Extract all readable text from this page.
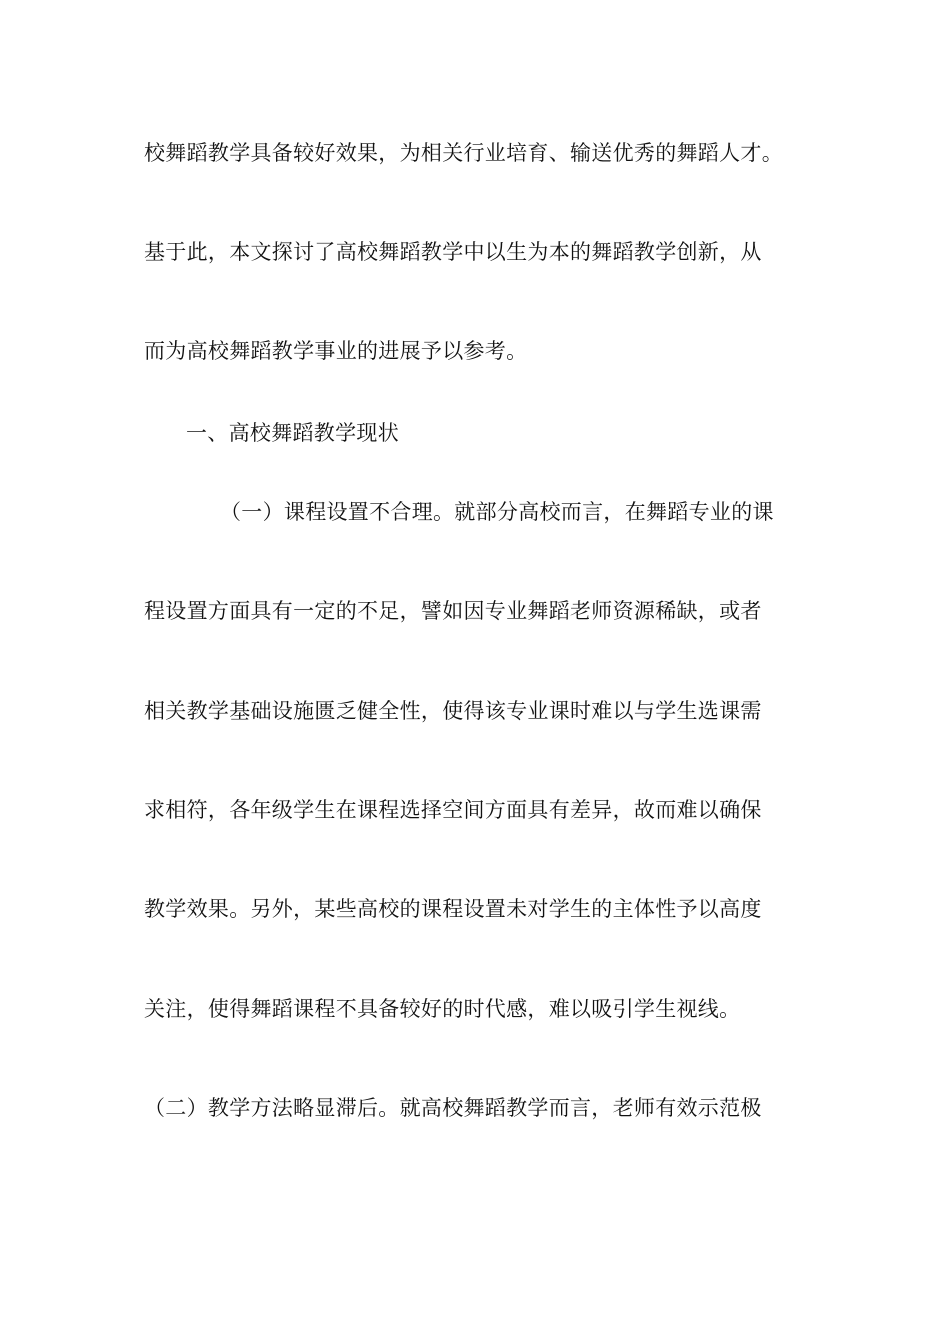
校舞蹈教学具备较好效果，为相关行业培育、输送优秀的舞蹈人才。
基于此，本文探讨了高校舞蹈教学中以生为本的舞蹈教学创新，从
而为高校舞蹈教学事业的进展予以参考。
一、高校舞蹈教学现状
（一）课程设置不合理。就部分高校而言，在舞蹈专业的课
程设置方面具有一定的不足，譬如因专业舞蹈老师资源稀缺，或者
相关教学基础设施匮乏健全性，使得该专业课时难以与学生选课需
求相符，各年级学生在课程选择空间方面具有差异，故而难以确保
教学效果。另外，某些高校的课程设置未对学生的主体性予以高度
关注，使得舞蹈课程不具备较好的时代感，难以吸引学生视线。
（二）教学方法略显滞后。就高校舞蹈教学而言，老师有效示范极
